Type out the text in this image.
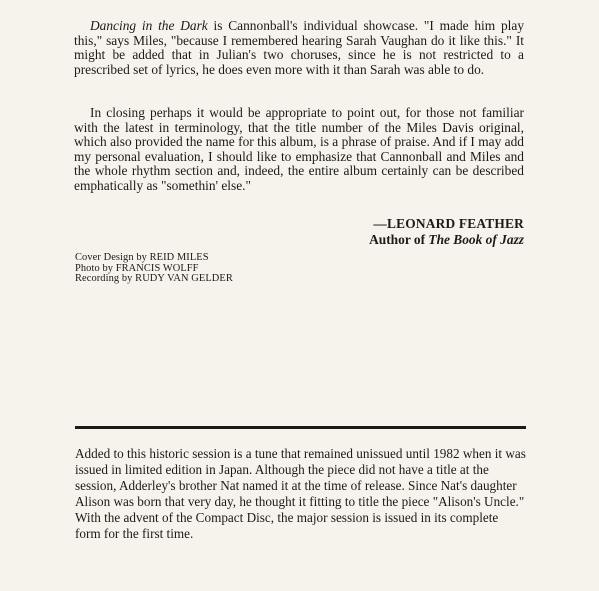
Dancing in the Dark is Cannonball's individual showcase. "I made him play this," says Miles, "because I remembered hearing Sarah Vaughan do it like this." It might be added that in Julian's two choruses, since he is not restricted to a prescribed set of lyrics, he does even more with it than Sarah was able to do.

In closing perhaps it would be appropriate to point out, for those not familiar with the latest in terminology, that the title number of the Miles Davis original, which also provided the name for this album, is a phrase of praise. And if I may add my personal evaluation, I should like to emphasize that Cannonball and Miles and the whole rhythm section and, indeed, the entire album certainly can be described emphatically as "somethin' else."

—LEONARD FEATHER
Author of The Book of Jazz
Cover Design by REID MILES
Photo by FRANCIS WOLFF
Recording by RUDY VAN GELDER

Added to this historic session is a tune that remained unissued until 1982 when it was issued in limited edition in Japan. Although the piece did not have a title at the session, Adderley's brother Nat named it at the time of release. Since Nat's daughter Alison was born that very day, he thought it fitting to title the piece "Alison's Uncle." With the advent of the Compact Disc, the major session is issued in its complete form for the first time.
